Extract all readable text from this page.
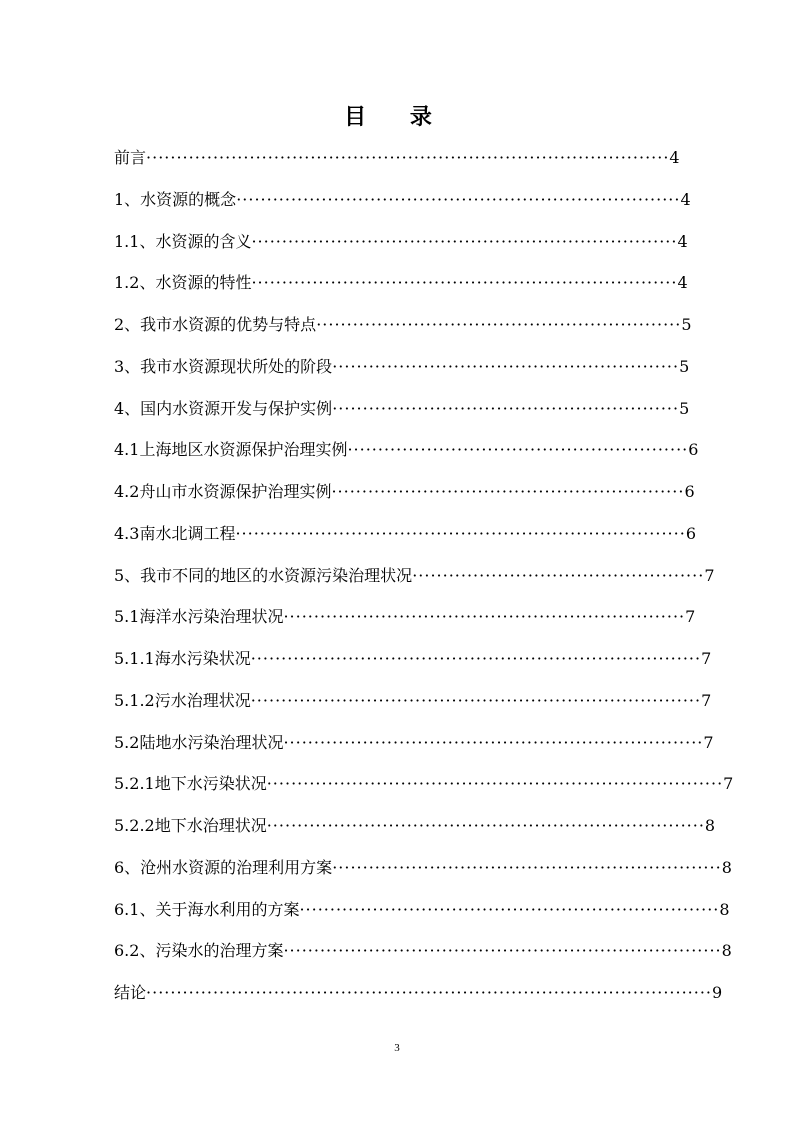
目 录
前言······················································································4
1、水资源的概念·········································································4
1.1、水资源的含义······································································4
1.2、水资源的特性······································································4
2、我市水资源的优势与特点····························································5
3、我市水资源现状所处的阶段·························································5
4、国内水资源开发与保护实例·························································5
4.1上海地区水资源保护治理实例························································6
4.2舟山市水资源保护治理实例··························································6
4.3南水北调工程··········································································6
5、我市不同的地区的水资源污染治理状况················································7
5.1海洋水污染治理状况··································································7
5.1.1海水污染状况··········································································7
5.1.2污水治理状况··········································································7
5.2陆地水污染治理状况·····································································7
5.2.1地下水污染状况···········································································7
5.2.2地下水治理状况········································································8
6、沧州水资源的治理利用方案································································8
6.1、关于海水利用的方案·····································································8
6.2、污染水的治理方案········································································8
结论·····························································································9
3
